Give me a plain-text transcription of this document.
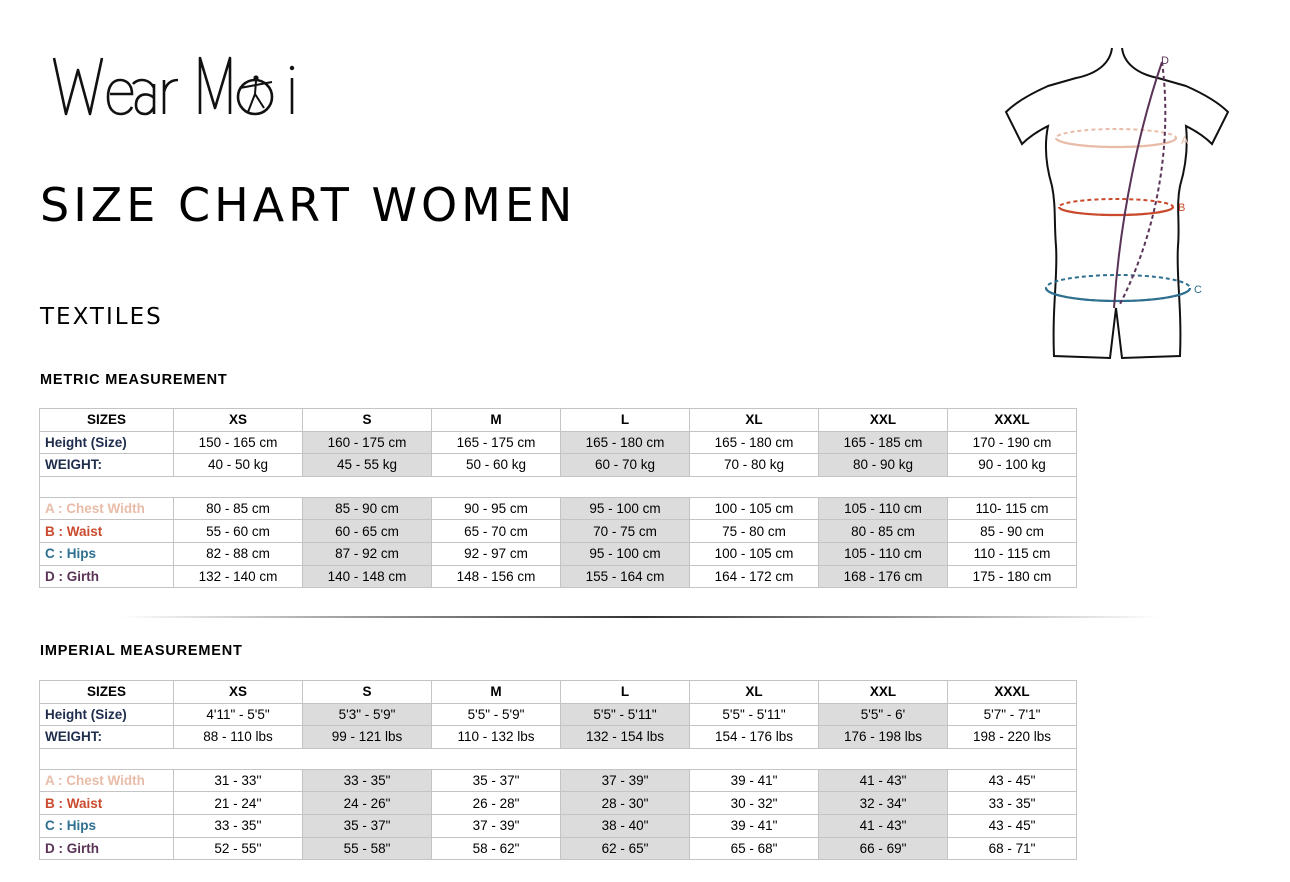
SIZE CHART WOMEN
TEXTILES
A
B
C
D
METRIC MEASUREMENT
SIZES	XS	S	M	L	XL	XXL	XXXL
Height (Size)	150 - 165 cm	160 - 175 cm	165 - 175 cm	165 - 180 cm	165 - 180 cm	165 - 185 cm	170 - 190 cm
WEIGHT:	40 - 50 kg	45 - 55 kg	50 - 60 kg	60 - 70 kg	70 - 80 kg	80 - 90 kg	90 - 100 kg

A : Chest Width	80 - 85 cm	85 - 90 cm	90 - 95 cm	95 - 100 cm	100 - 105 cm	105 - 110 cm	110- 115 cm
B : Waist	55 - 60 cm	60 - 65 cm	65 - 70 cm	70 - 75 cm	75 - 80 cm	80 - 85 cm	85 - 90 cm
C : Hips	82 - 88 cm	87 - 92 cm	92 - 97 cm	95 - 100 cm	100 - 105 cm	105 - 110 cm	110 - 115 cm
D : Girth	132 - 140 cm	140 - 148 cm	148 - 156 cm	155 - 164 cm	164 - 172 cm	168 - 176 cm	175 - 180 cm
IMPERIAL MEASUREMENT
SIZES	XS	S	M	L	XL	XXL	XXXL
Height (Size)	4'11" - 5'5"	5'3" - 5'9"	5'5" - 5'9"	5'5" - 5'11"	5'5" - 5'11"	5'5" - 6'	5'7" - 7'1"
WEIGHT:	88 - 110 lbs	99 - 121 lbs	110 - 132 lbs	132 - 154 lbs	154 - 176 lbs	176 - 198 lbs	198 - 220 lbs

A : Chest Width	31 - 33''	33 - 35"	35 - 37"	37 - 39"	39 - 41"	41 - 43"	43 - 45"
B : Waist	21 - 24''	24 - 26"	26 - 28"	28 - 30"	30 - 32"	32 - 34"	33 - 35"
C : Hips	33 - 35''	35 - 37"	37 - 39"	38 - 40"	39 - 41"	41 - 43"	43 - 45"
D : Girth	52 - 55''	55 - 58"	58 - 62"	62 - 65"	65 - 68"	66 - 69"	68 - 71"
